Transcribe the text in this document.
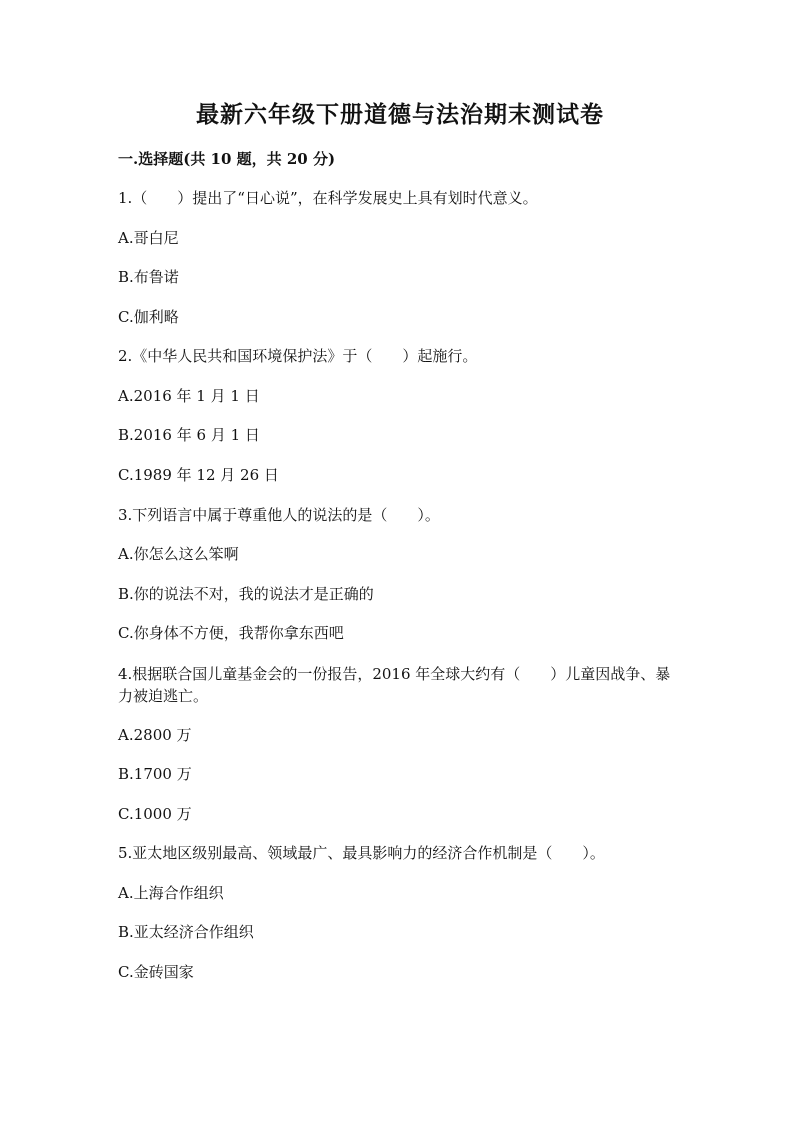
最新六年级下册道德与法治期末测试卷
一.选择题(共 10 题，共 20 分)
1.（　　）提出了“日心说”，在科学发展史上具有划时代意义。
A.哥白尼
B.布鲁诺
C.伽利略
2.《中华人民共和国环境保护法》于（　　）起施行。
A.2016 年 1 月 1 日
B.2016 年 6 月 1 日
C.1989 年 12 月 26 日
3.下列语言中属于尊重他人的说法的是（　　）。
A.你怎么这么笨啊
B.你的说法不对，我的说法才是正确的
C.你身体不方便，我帮你拿东西吧
4.根据联合国儿童基金会的一份报告，2016 年全球大约有（　　）儿童因战争、暴力被迫逃亡。
A.2800 万
B.1700 万
C.1000 万
5.亚太地区级别最高、领域最广、最具影响力的经济合作机制是（　　）。
A.上海合作组织
B.亚太经济合作组织
C.金砖国家
